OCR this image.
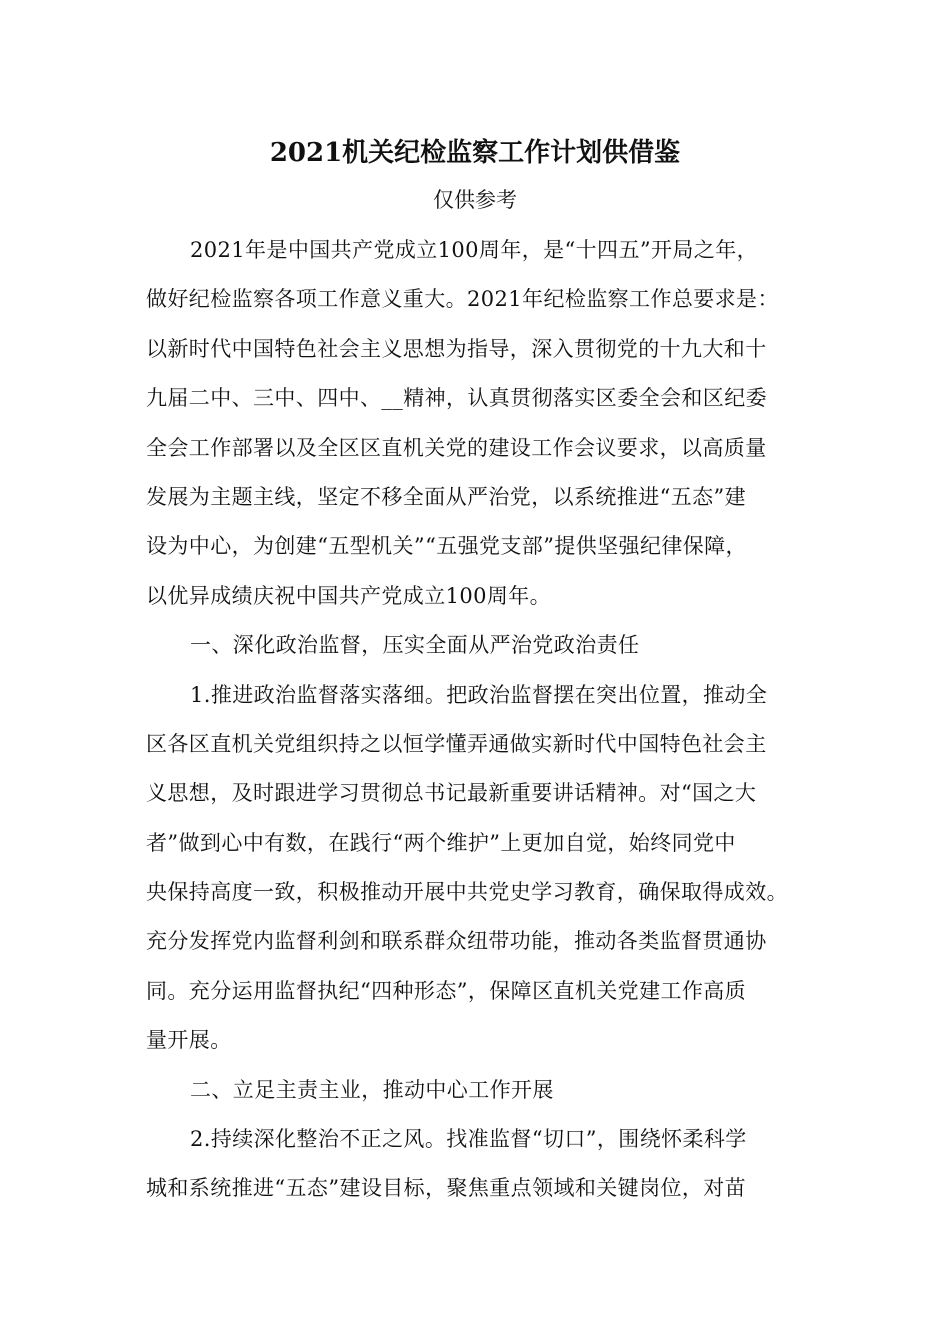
2021机关纪检监察工作计划供借鉴
仅供参考
2021年是中国共产党成立100周年，是“十四五”开局之年，
做好纪检监察各项工作意义重大。2021年纪检监察工作总要求是：
以新时代中国特色社会主义思想为指导，深入贯彻党的十九大和十
九届二中、三中、四中、__精神，认真贯彻落实区委全会和区纪委
全会工作部署以及全区区直机关党的建设工作会议要求，以高质量
发展为主题主线，坚定不移全面从严治党，以系统推进“五态”建
设为中心，为创建“五型机关”“五强党支部”提供坚强纪律保障，
以优异成绩庆祝中国共产党成立100周年。
一、深化政治监督，压实全面从严治党政治责任
1.推进政治监督落实落细。把政治监督摆在突出位置，推动全
区各区直机关党组织持之以恒学懂弄通做实新时代中国特色社会主
义思想，及时跟进学习贯彻总书记最新重要讲话精神。对“国之大
者”做到心中有数，在践行“两个维护”上更加自觉，始终同党中
央保持高度一致，积极推动开展中共党史学习教育，确保取得成效。
充分发挥党内监督利剑和联系群众纽带功能，推动各类监督贯通协
同。充分运用监督执纪“四种形态”，保障区直机关党建工作高质
量开展。
二、立足主责主业，推动中心工作开展
2.持续深化整治不正之风。找准监督“切口”，围绕怀柔科学
城和系统推进“五态”建设目标，聚焦重点领域和关键岗位，对苗
